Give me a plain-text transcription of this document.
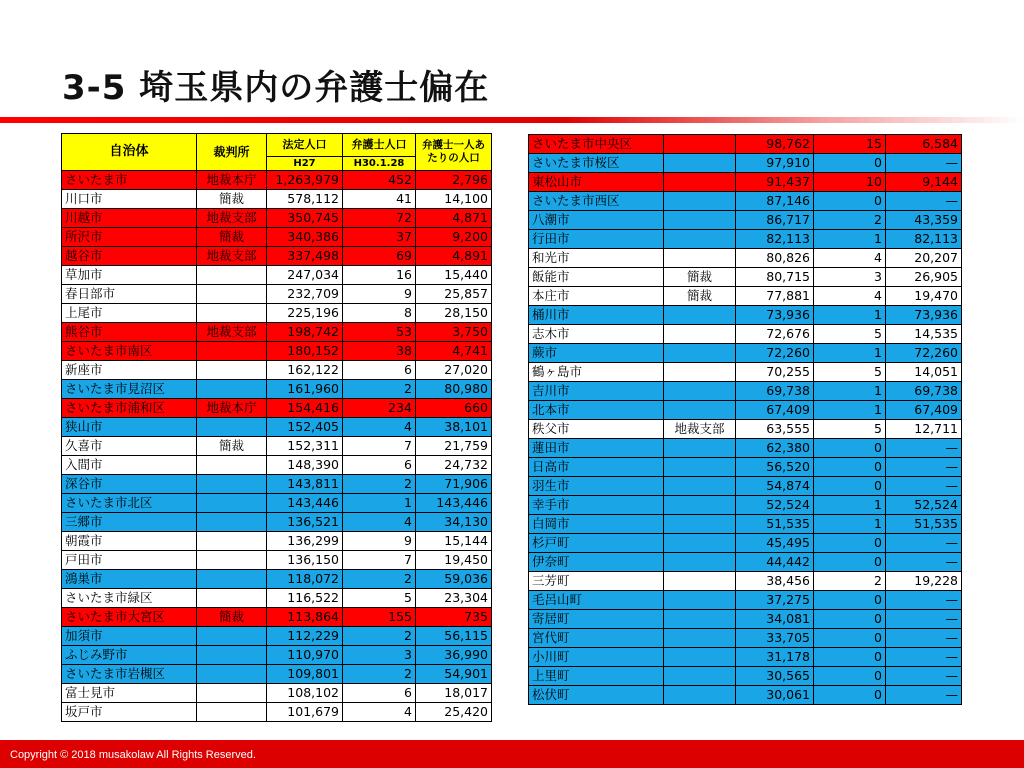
3-5 埼玉県内の弁護士偏在
自治体	裁判所	法定人口	弁護士人口	弁護士一人あたりの人口
		H27	H30.1.28	
さいたま市	地裁本庁	1,263,979	452	2,796
川口市	簡裁	578,112	41	14,100
川越市	地裁支部	350,745	72	4,871
所沢市	簡裁	340,386	37	9,200
越谷市	地裁支部	337,498	69	4,891
草加市		247,034	16	15,440
春日部市		232,709	9	25,857
上尾市		225,196	8	28,150
熊谷市	地裁支部	198,742	53	3,750
さいたま市南区		180,152	38	4,741
新座市		162,122	6	27,020
さいたま市見沼区		161,960	2	80,980
さいたま市浦和区	地裁本庁	154,416	234	660
狭山市		152,405	4	38,101
久喜市	簡裁	152,311	7	21,759
入間市		148,390	6	24,732
深谷市		143,811	2	71,906
さいたま市北区		143,446	1	143,446
三郷市		136,521	4	34,130
朝霞市		136,299	9	15,144
戸田市		136,150	7	19,450
鴻巣市		118,072	2	59,036
さいたま市緑区		116,522	5	23,304
さいたま市大宮区	簡裁	113,864	155	735
加須市		112,229	2	56,115
ふじみ野市		110,970	3	36,990
さいたま市岩槻区		109,801	2	54,901
富士見市		108,102	6	18,017
坂戸市		101,679	4	25,420
さいたま市中央区		98,762	15	6,584
さいたま市桜区		97,910	0	—
東松山市		91,437	10	9,144
さいたま市西区		87,146	0	—
八潮市		86,717	2	43,359
行田市		82,113	1	82,113
和光市		80,826	4	20,207
飯能市	簡裁	80,715	3	26,905
本庄市	簡裁	77,881	4	19,470
桶川市		73,936	1	73,936
志木市		72,676	5	14,535
蕨市		72,260	1	72,260
鶴ヶ島市		70,255	5	14,051
吉川市		69,738	1	69,738
北本市		67,409	1	67,409
秩父市	地裁支部	63,555	5	12,711
蓮田市		62,380	0	—
日高市		56,520	0	—
羽生市		54,874	0	—
幸手市		52,524	1	52,524
白岡市		51,535	1	51,535
杉戸町		45,495	0	—
伊奈町		44,442	0	—
三芳町		38,456	2	19,228
毛呂山町		37,275	0	—
寄居町		34,081	0	—
宮代町		33,705	0	—
小川町		31,178	0	—
上里町		30,565	0	—
松伏町		30,061	0	—
Copyright © 2018 musakolaw All Rights Reserved.
